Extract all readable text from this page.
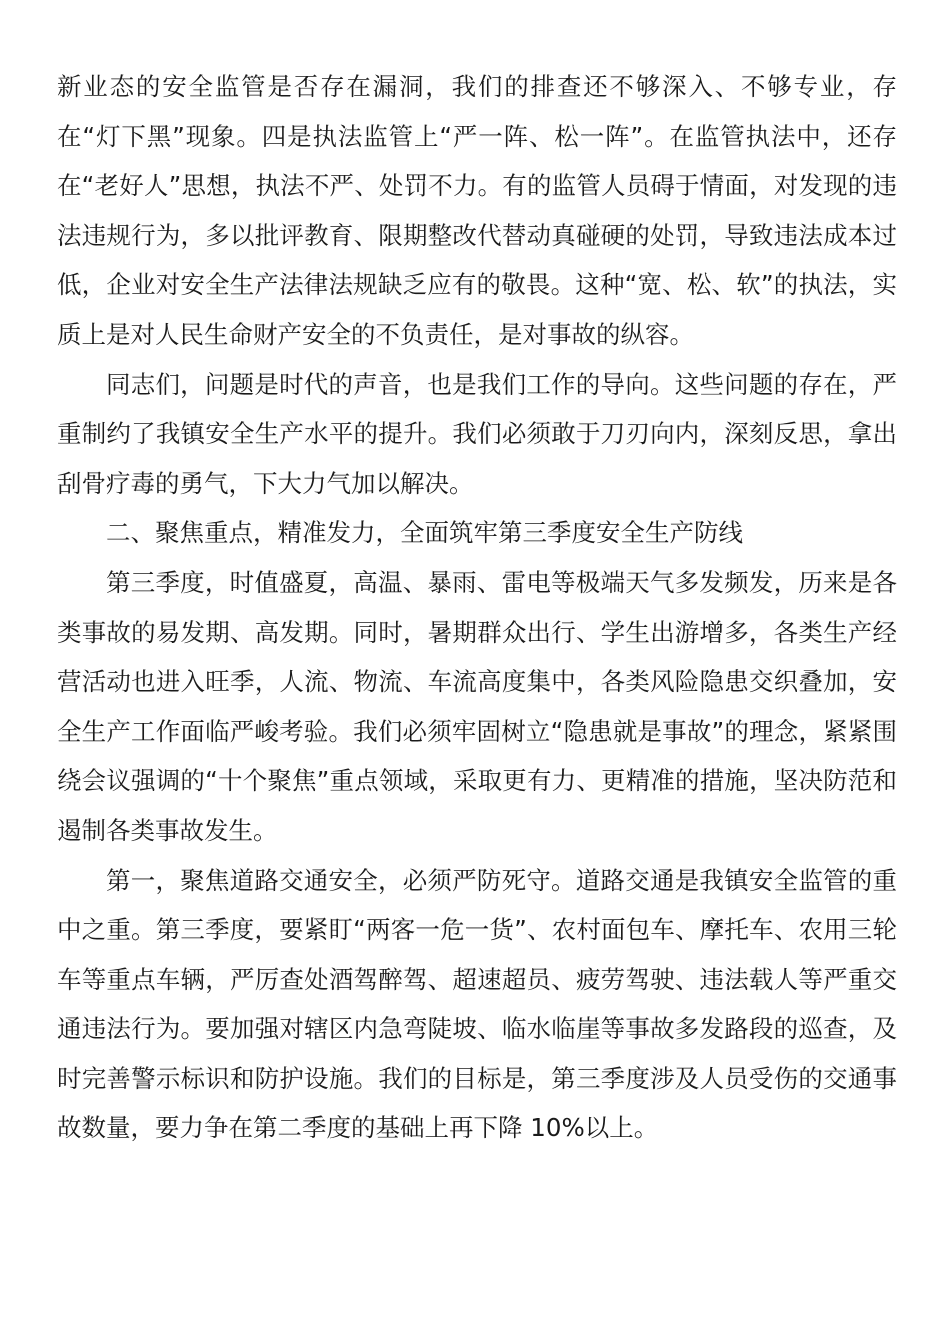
新业态的安全监管是否存在漏洞，我们的排查还不够深入、不够专业，存在“灯下黑”现象。四是执法监管上“严一阵、松一阵”。在监管执法中，还存在“老好人”思想，执法不严、处罚不力。有的监管人员碍于情面，对发现的违法违规行为，多以批评教育、限期整改代替动真碰硬的处罚，导致违法成本过低，企业对安全生产法律法规缺乏应有的敬畏。这种“宽、松、软”的执法，实质上是对人民生命财产安全的不负责任，是对事故的纵容。

同志们，问题是时代的声音，也是我们工作的导向。这些问题的存在，严重制约了我镇安全生产水平的提升。我们必须敢于刀刃向内，深刻反思，拿出刮骨疗毒的勇气，下大力气加以解决。

二、聚焦重点，精准发力，全面筑牢第三季度安全生产防线

第三季度，时值盛夏，高温、暴雨、雷电等极端天气多发频发，历来是各类事故的易发期、高发期。同时，暑期群众出行、学生出游增多，各类生产经营活动也进入旺季，人流、物流、车流高度集中，各类风险隐患交织叠加，安全生产工作面临严峻考验。我们必须牢固树立“隐患就是事故”的理念，紧紧围绕会议强调的“十个聚焦”重点领域，采取更有力、更精准的措施，坚决防范和遏制各类事故发生。

第一，聚焦道路交通安全，必须严防死守。道路交通是我镇安全监管的重中之重。第三季度，要紧盯“两客一危一货”、农村面包车、摩托车、农用三轮车等重点车辆，严厉查处酒驾醉驾、超速超员、疲劳驾驶、违法载人等严重交通违法行为。要加强对辖区内急弯陡坡、临水临崖等事故多发路段的巡查，及时完善警示标识和防护设施。我们的目标是，第三季度涉及人员受伤的交通事故数量，要力争在第二季度的基础上再下降 10%以上。
